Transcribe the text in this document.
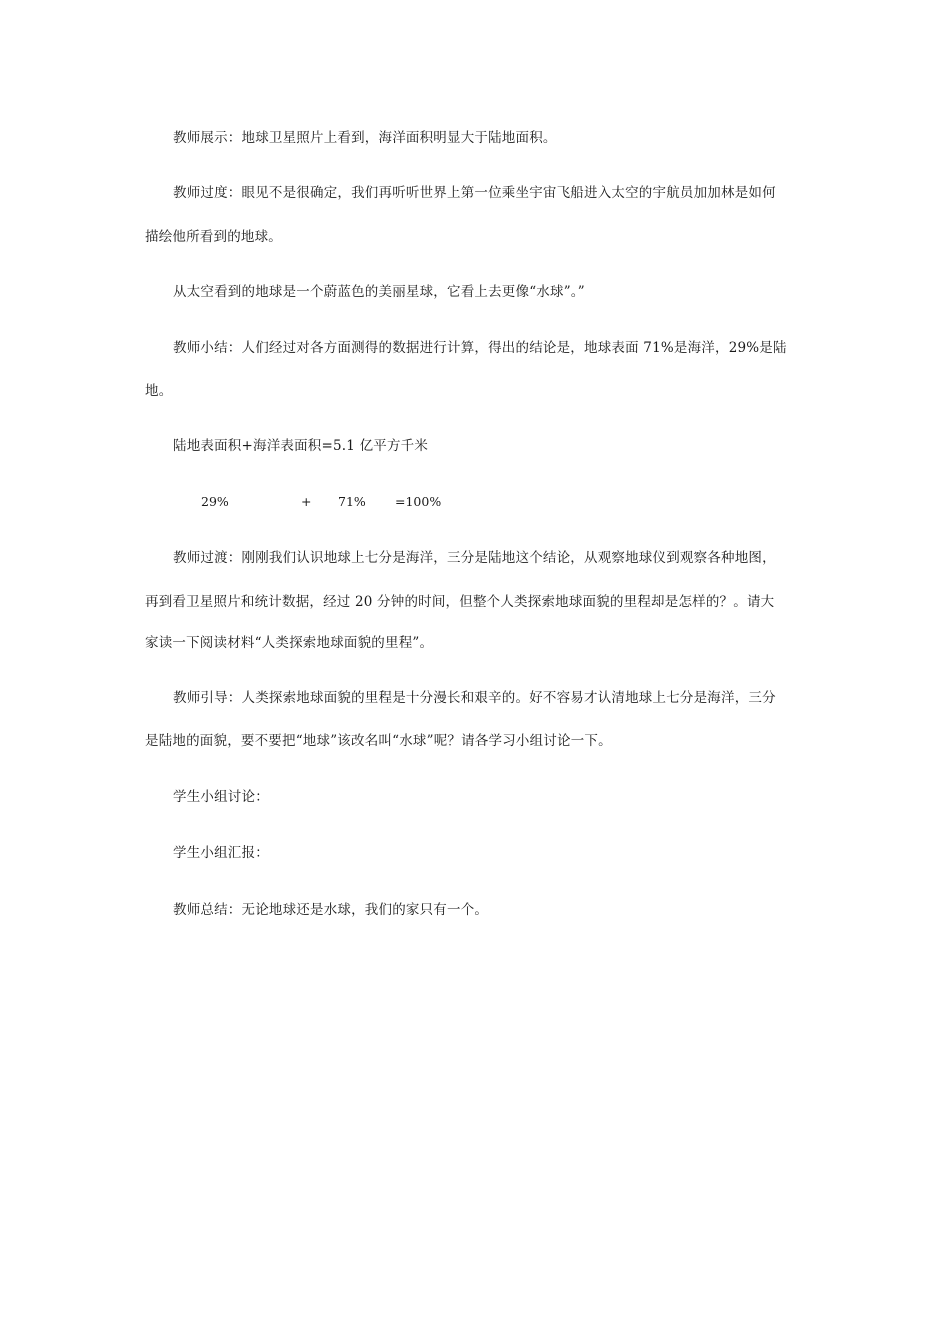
教师展示：地球卫星照片上看到，海洋面积明显大于陆地面积。
教师过度：眼见不是很确定，我们再听听世界上第一位乘坐宇宙飞船进入太空的宇航员加加林是如何
描绘他所看到的地球。
从太空看到的地球是一个蔚蓝色的美丽星球，它看上去更像“水球”。”
教师小结：人们经过对各方面测得的数据进行计算，得出的结论是，地球表面 71%是海洋，29%是陆
地。
陆地表面积+海洋表面积=5.1 亿平方千米
29%	+ 71% =100%
教师过渡：刚刚我们认识地球上七分是海洋，三分是陆地这个结论，从观察地球仪到观察各种地图，
再到看卫星照片和统计数据，经过 20 分钟的时间，但整个人类探索地球面貌的里程却是怎样的？。请大
家读一下阅读材料“人类探索地球面貌的里程”。
教师引导：人类探索地球面貌的里程是十分漫长和艰辛的。好不容易才认清地球上七分是海洋，三分
是陆地的面貌，要不要把“地球”该改名叫“水球”呢？请各学习小组讨论一下。
学生小组讨论：
学生小组汇报：
教师总结：无论地球还是水球，我们的家只有一个。
